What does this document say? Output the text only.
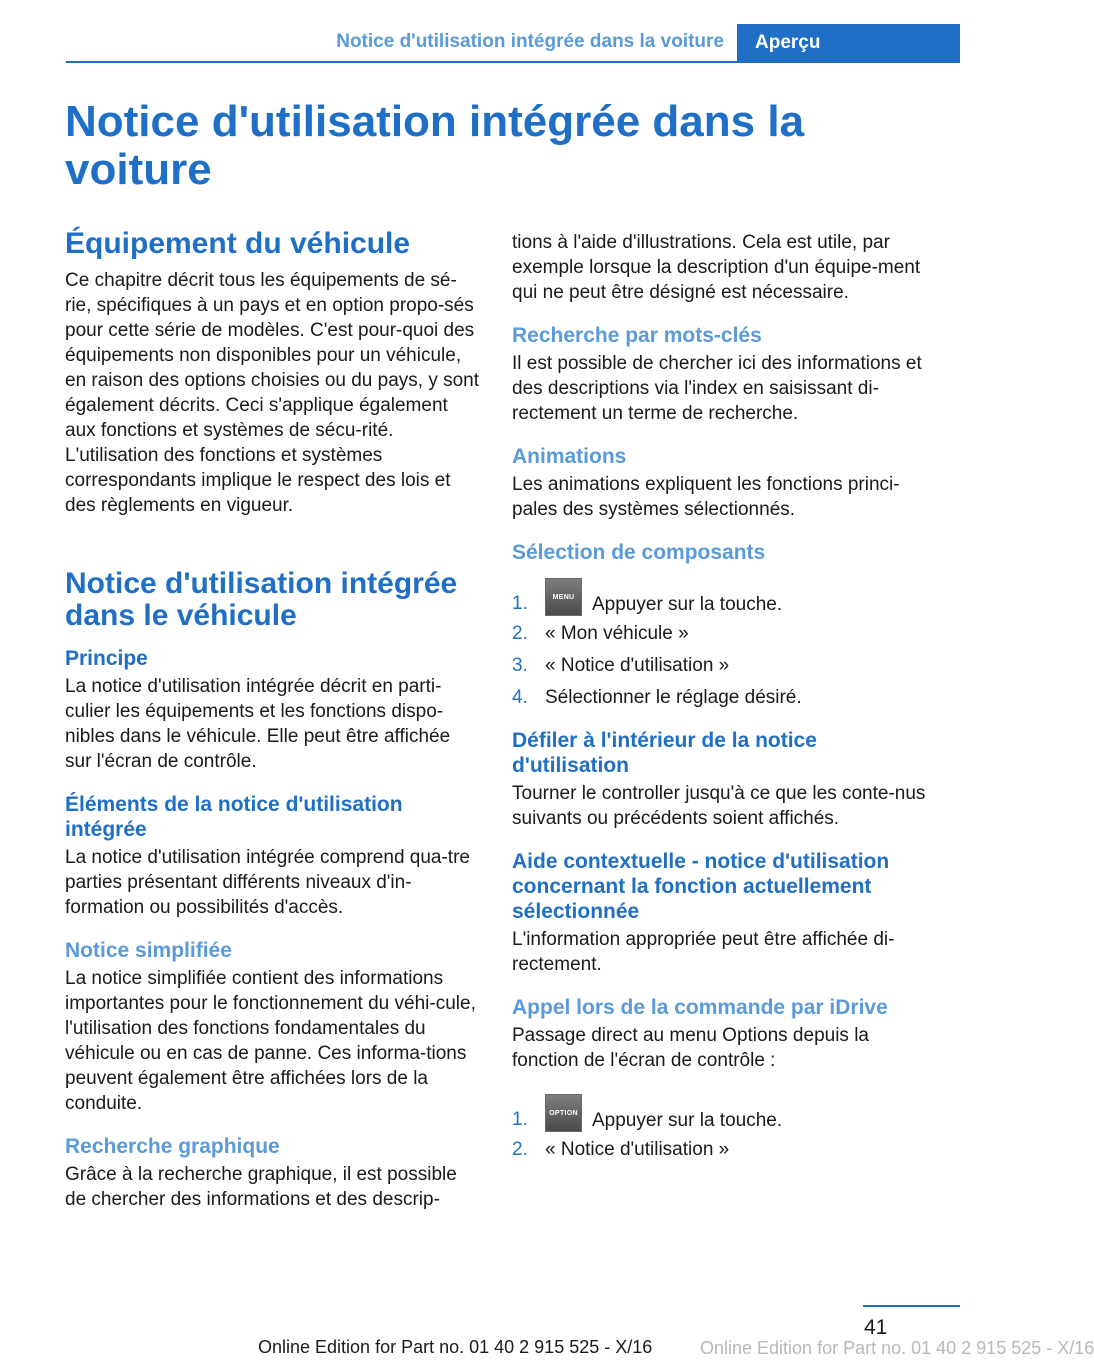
Notice d'utilisation intégrée dans la voiture	Aperçu
Notice d'utilisation intégrée dans la voiture
Équipement du véhicule

Ce chapitre décrit tous les équipements de sé-rie, spécifiques à un pays et en option propo-sés pour cette série de modèles. C'est pour-quoi des équipements non disponibles pour un véhicule, en raison des options choisies ou du pays, y sont également décrits. Ceci s'applique également aux fonctions et systèmes de sécu-rité. L'utilisation des fonctions et systèmes correspondants implique le respect des lois et des règlements en vigueur.

Notice d'utilisation intégrée dans le véhicule
Principe

La notice d'utilisation intégrée décrit en parti-culier les équipements et les fonctions dispo-nibles dans le véhicule. Elle peut être affichée sur l'écran de contrôle.

Éléments de la notice d'utilisation intégrée

La notice d'utilisation intégrée comprend qua-tre parties présentant différents niveaux d'in-formation ou possibilités d'accès.

Notice simplifiée

La notice simplifiée contient des informations importantes pour le fonctionnement du véhi-cule, l'utilisation des fonctions fondamentales du véhicule ou en cas de panne. Ces informa-tions peuvent également être affichées lors de la conduite.

Recherche graphique

Grâce à la recherche graphique, il est possible de chercher des informations et des descrip-

tions à l'aide d'illustrations. Cela est utile, par exemple lorsque la description d'un équipe-ment qui ne peut être désigné est nécessaire.

Recherche par mots-clés

Il est possible de chercher ici des informations et des descriptions via l'index en saisissant di-rectement un terme de recherche.

Animations

Les animations expliquent les fonctions princi-pales des systèmes sélectionnés.

Sélection de composants
1.	MENU Appuyer sur la touche.
2. « Mon véhicule »
3. « Notice d'utilisation »
4. Sélectionner le réglage désiré.
Défiler à l'intérieur de la notice d'utilisation

Tourner le controller jusqu'à ce que les conte-nus suivants ou précédents soient affichés.

Aide contextuelle - notice d'utilisation concernant la fonction actuellement sélectionnée

L'information appropriée peut être affichée di-rectement.

Appel lors de la commande par iDrive

Passage direct au menu Options depuis la fonction de l'écran de contrôle :

1.	OPTION Appuyer sur la touche.
2. « Notice d'utilisation »
41
Online Edition for Part no. 01 40 2 915 525 - X/16	Online Edition for Part no. 01 40 2 915 525 - X/16
